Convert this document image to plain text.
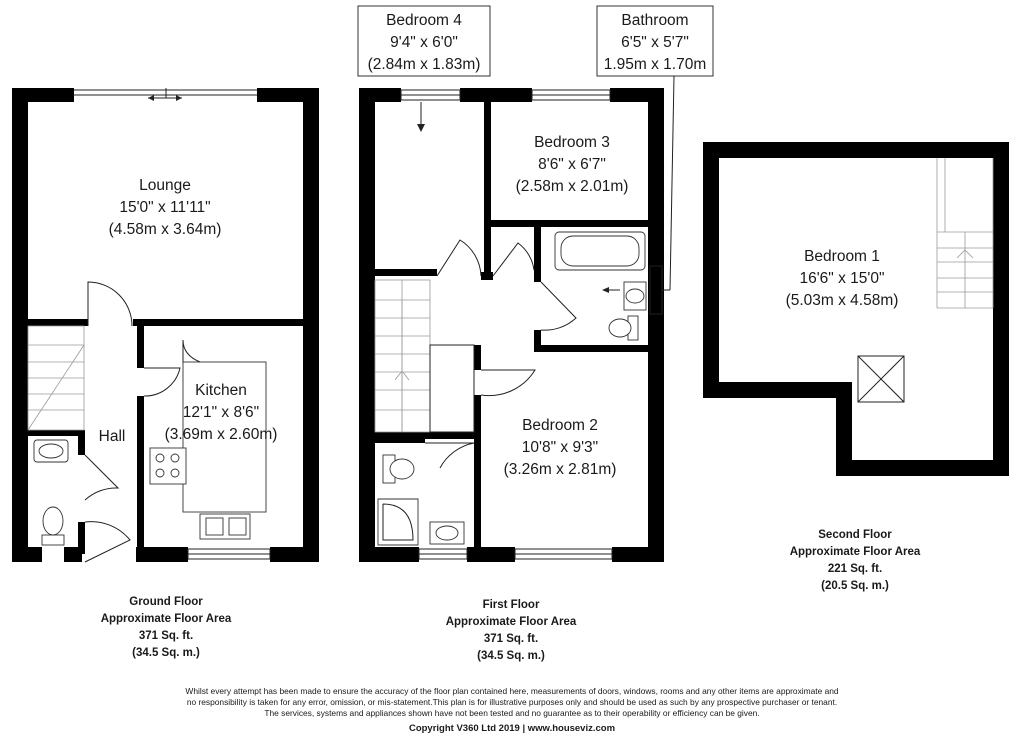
Bedroom 4
9'4" x 6'0"
(2.84m x 1.83m)
Bathroom
6'5" x 5'7"
1.95m x 1.70m
Lounge
15'0" x 11'11"
(4.58m x 3.64m)
Kitchen
12'1" x 8'6"
(3.69m x 2.60m)
Hall
Bedroom 3
8'6" x 6'7"
(2.58m x 2.01m)
Bedroom 2
10'8" x 9'3"
(3.26m x 2.81m)
Bedroom 1
16'6" x 15'0"
(5.03m x 4.58m)
Ground Floor
Approximate Floor Area
371 Sq. ft.
(34.5 Sq. m.)
First Floor
Approximate Floor Area
371 Sq. ft.
(34.5 Sq. m.)
Second Floor
Approximate Floor Area
221 Sq. ft.
(20.5 Sq. m.)
Whilst every attempt has been made to ensure the accuracy of the floor plan contained here, measurements of doors, windows, rooms and any other items are approximate and
no responsibility is taken for any error, omission, or mis-statement.This plan is for illustrative purposes only and should be used as such by any prospective purchaser or tenant.
The services, systems and appliances shown have not been tested and no guarantee as to their operability or efficiency can be given.
Copyright V360 Ltd 2019 | www.houseviz.com
